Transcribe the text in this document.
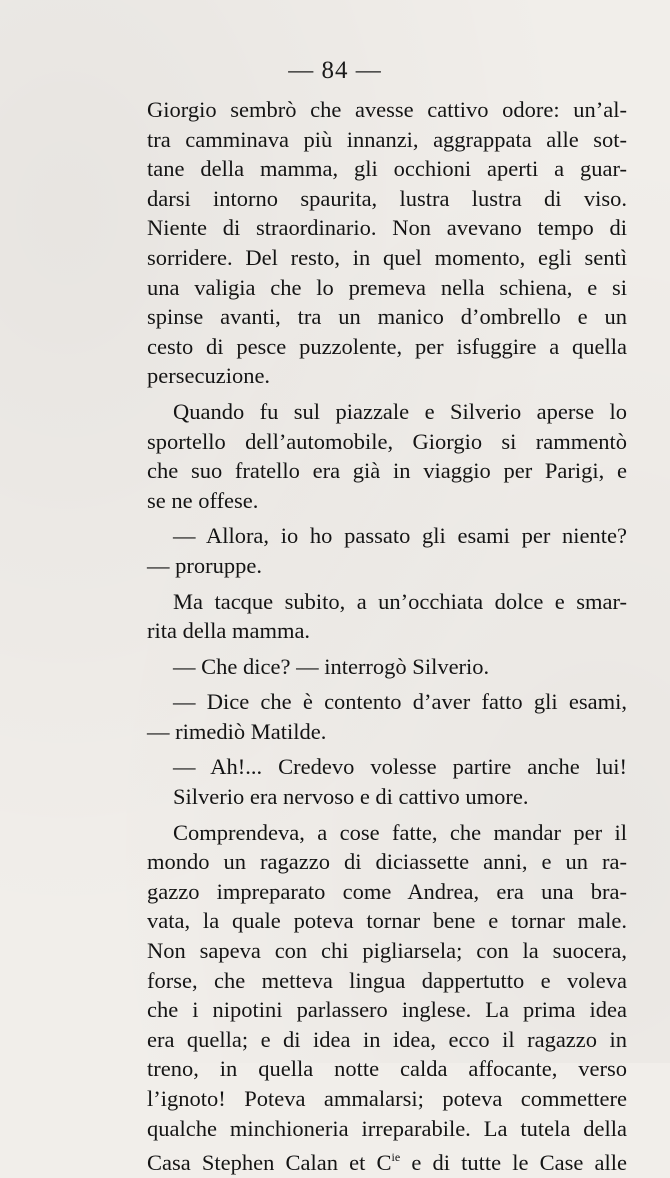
— 84 —
Giorgio sembrò che avesse cattivo odore: un’al-
tra camminava più innanzi, aggrappata alle sot-
tane della mamma, gli occhioni aperti a guar-
darsi intorno spaurita, lustra lustra di viso.
Niente di straordinario. Non avevano tempo di
sorridere. Del resto, in quel momento, egli sentì
una valigia che lo premeva nella schiena, e si
spinse avanti, tra un manico d’ombrello e un
cesto di pesce puzzolente, per isfuggire a quella
persecuzione.
Quando fu sul piazzale e Silverio aperse lo
sportello dell’automobile, Giorgio si rammentò
che suo fratello era già in viaggio per Parigi, e
se ne offese.
— Allora, io ho passato gli esami per niente?
— proruppe.
Ma tacque subito, a un’occhiata dolce e smar-
rita della mamma.
— Che dice? — interrogò Silverio.
— Dice che è contento d’aver fatto gli esami,
— rimediò Matilde.
— Ah!... Credevo volesse partire anche lui!
Silverio era nervoso e di cattivo umore.
Comprendeva, a cose fatte, che mandar per il
mondo un ragazzo di diciassette anni, e un ra-
gazzo impreparato come Andrea, era una bra-
vata, la quale poteva tornar bene e tornar male.
Non sapeva con chi pigliarsela; con la suocera,
forse, che metteva lingua dappertutto e voleva
che i nipotini parlassero inglese. La prima idea
era quella; e di idea in idea, ecco il ragazzo in
treno, in quella notte calda affocante, verso
l’ignoto! Poteva ammalarsi; poteva commettere
qualche minchioneria irreparabile. La tutela della
Casa Stephen Calan et $C^{ie}$ e di tutte le Case alle
